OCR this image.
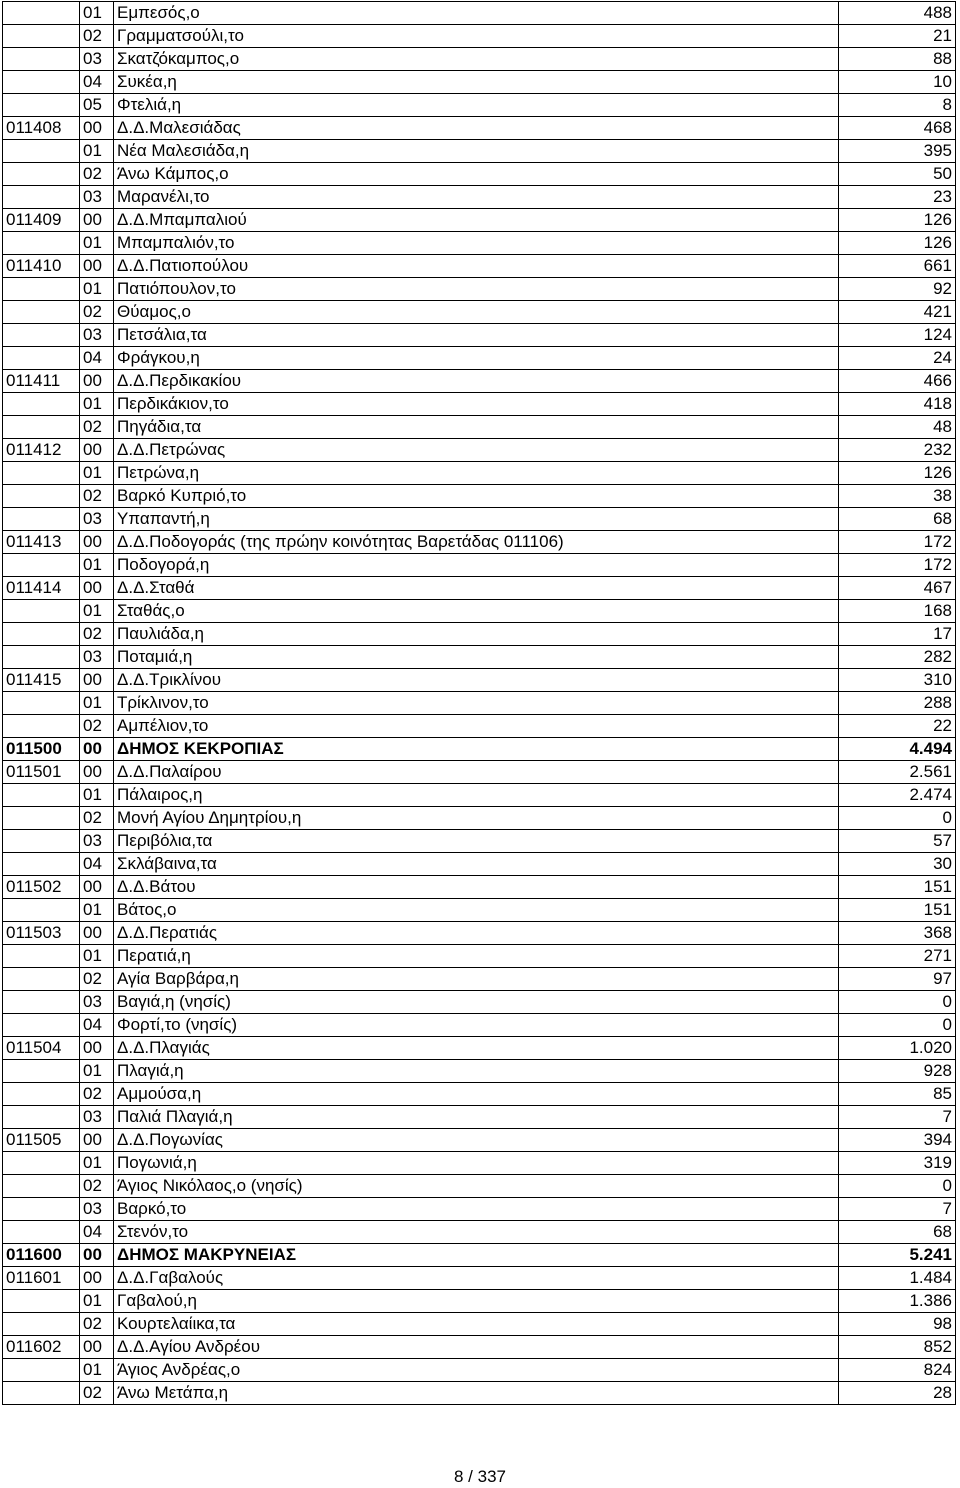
	01	Εμπεσός,ο	488
	02	Γραμματσούλι,το	21
	03	Σκατζόκαμπος,ο	88
	04	Συκέα,η	10
	05	Φτελιά,η	8
011408	00	Δ.Δ.Μαλεσιάδας	468
	01	Νέα Μαλεσιάδα,η	395
	02	Άνω Κάμπος,ο	50
	03	Μαρανέλι,το	23
011409	00	Δ.Δ.Μπαμπαλιού	126
	01	Μπαμπαλιόν,το	126
011410	00	Δ.Δ.Πατιοπούλου	661
	01	Πατιόπουλον,το	92
	02	Θύαμος,ο	421
	03	Πετσάλια,τα	124
	04	Φράγκου,η	24
011411	00	Δ.Δ.Περδικακίου	466
	01	Περδικάκιον,το	418
	02	Πηγάδια,τα	48
011412	00	Δ.Δ.Πετρώνας	232
	01	Πετρώνα,η	126
	02	Βαρκό Κυπριό,το	38
	03	Υπαπαντή,η	68
011413	00	Δ.Δ.Ποδογοράς (της πρώην κοινότητας Βαρετάδας 011106)	172
	01	Ποδογορά,η	172
011414	00	Δ.Δ.Σταθά	467
	01	Σταθάς,ο	168
	02	Παυλιάδα,η	17
	03	Ποταμιά,η	282
011415	00	Δ.Δ.Τρικλίνου	310
	01	Τρίκλινον,το	288
	02	Αμπέλιον,το	22
011500	00	ΔΗΜΟΣ ΚΕΚΡΟΠΙΑΣ	4.494
011501	00	Δ.Δ.Παλαίρου	2.561
	01	Πάλαιρος,η	2.474
	02	Μονή Αγίου Δημητρίου,η	0
	03	Περιβόλια,τα	57
	04	Σκλάβαινα,τα	30
011502	00	Δ.Δ.Βάτου	151
	01	Βάτος,ο	151
011503	00	Δ.Δ.Περατιάς	368
	01	Περατιά,η	271
	02	Αγία Βαρβάρα,η	97
	03	Βαγιά,η (νησίς)	0
	04	Φορτί,το (νησίς)	0
011504	00	Δ.Δ.Πλαγιάς	1.020
	01	Πλαγιά,η	928
	02	Αμμούσα,η	85
	03	Παλιά Πλαγιά,η	7
011505	00	Δ.Δ.Πογωνίας	394
	01	Πογωνιά,η	319
	02	Άγιος Νικόλαος,ο (νησίς)	0
	03	Βαρκό,το	7
	04	Στενόν,το	68
011600	00	ΔΗΜΟΣ ΜΑΚΡΥΝΕΙΑΣ	5.241
011601	00	Δ.Δ.Γαβαλούς	1.484
	01	Γαβαλού,η	1.386
	02	Κουρτελαίικα,τα	98
011602	00	Δ.Δ.Αγίου Ανδρέου	852
	01	Άγιος Ανδρέας,ο	824
	02	Άνω Μετάπα,η	28
8 / 337
